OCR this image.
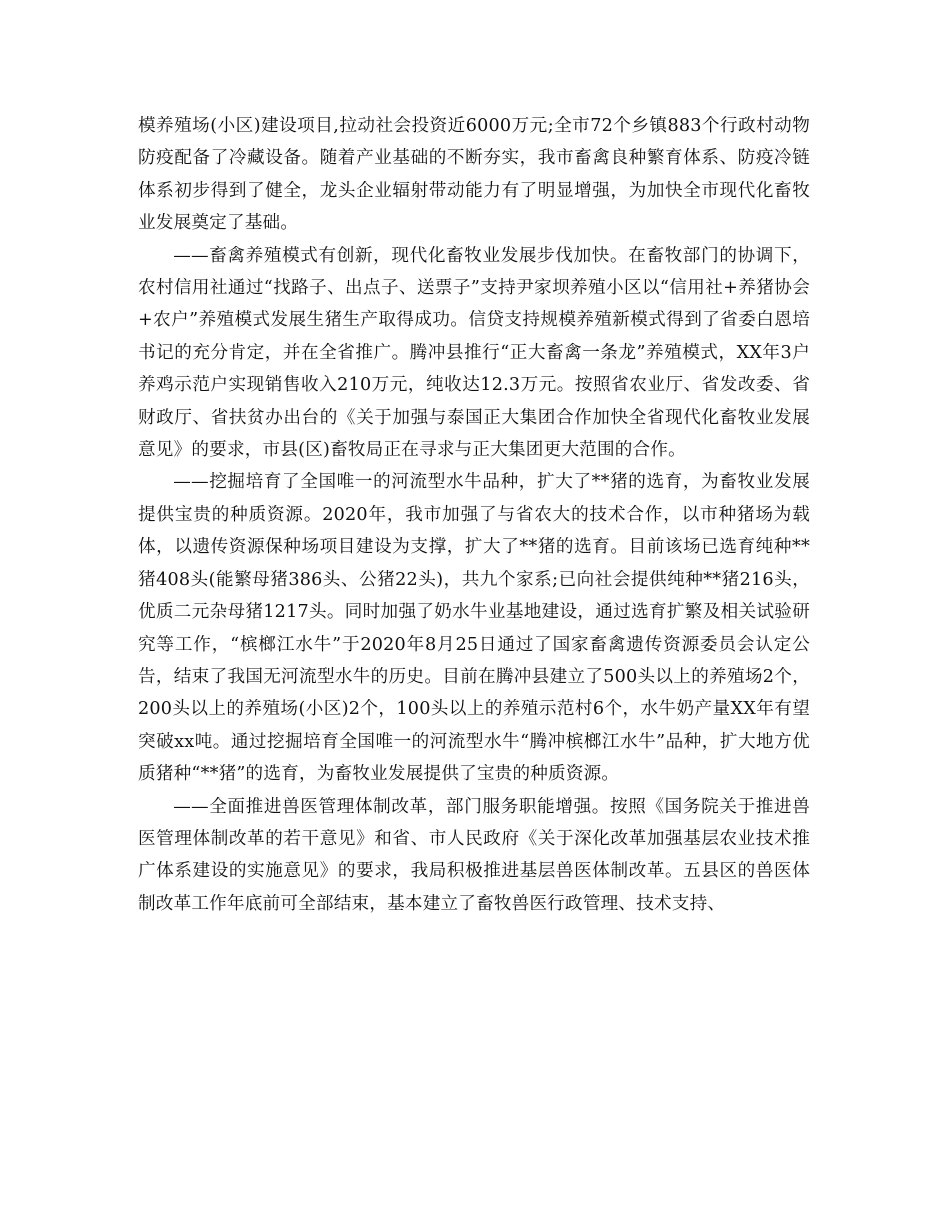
模养殖场(小区)建设项目,拉动社会投资近6000万元;全市72个乡镇883个行政村动物防疫配备了冷藏设备。随着产业基础的不断夯实，我市畜禽良种繁育体系、防疫冷链体系初步得到了健全，龙头企业辐射带动能力有了明显增强，为加快全市现代化畜牧业发展奠定了基础。

——畜禽养殖模式有创新，现代化畜牧业发展步伐加快。在畜牧部门的协调下，农村信用社通过“找路子、出点子、送票子”支持尹家坝养殖小区以“信用社+养猪协会+农户”养殖模式发展生猪生产取得成功。信贷支持规模养殖新模式得到了省委白恩培书记的充分肯定，并在全省推广。腾冲县推行“正大畜禽一条龙”养殖模式，XX年3户养鸡示范户实现销售收入210万元，纯收达12.3万元。按照省农业厅、省发改委、省财政厅、省扶贫办出台的《关于加强与泰国正大集团合作加快全省现代化畜牧业发展意见》的要求，市县(区)畜牧局正在寻求与正大集团更大范围的合作。

——挖掘培育了全国唯一的河流型水牛品种，扩大了**猪的选育，为畜牧业发展提供宝贵的种质资源。2020年，我市加强了与省农大的技术合作，以市种猪场为载体，以遗传资源保种场项目建设为支撑，扩大了**猪的选育。目前该场已选育纯种**猪408头(能繁母猪386头、公猪22头)，共九个家系;已向社会提供纯种**猪216头，优质二元杂母猪1217头。同时加强了奶水牛业基地建设，通过选育扩繁及相关试验研究等工作，“槟榔江水牛”于2020年8月25日通过了国家畜禽遗传资源委员会认定公告，结束了我国无河流型水牛的历史。目前在腾冲县建立了500头以上的养殖场2个，200头以上的养殖场(小区)2个，100头以上的养殖示范村6个，水牛奶产量XX年有望突破xx吨。通过挖掘培育全国唯一的河流型水牛“腾冲槟榔江水牛”品种，扩大地方优质猪种“**猪”的选育，为畜牧业发展提供了宝贵的种质资源。

——全面推进兽医管理体制改革，部门服务职能增强。按照《国务院关于推进兽医管理体制改革的若干意见》和省、市人民政府《关于深化改革加强基层农业技术推广体系建设的实施意见》的要求，我局积极推进基层兽医体制改革。五县区的兽医体制改革工作年底前可全部结束，基本建立了畜牧兽医行政管理、技术支持、
